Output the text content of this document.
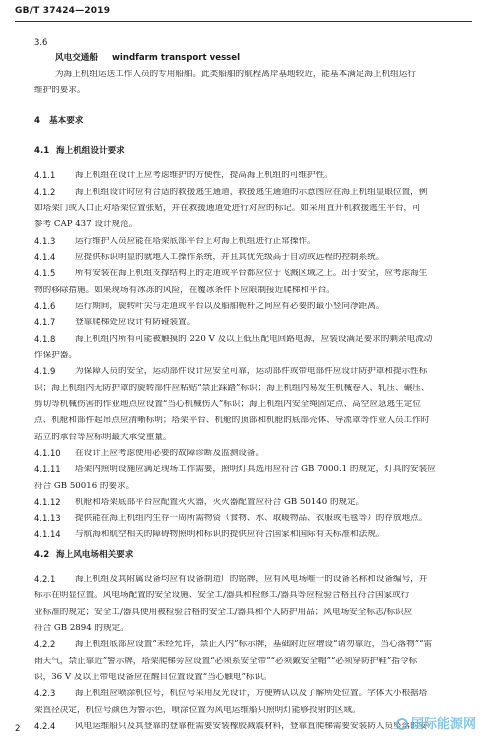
GB/T 37424—2019
3.6
风电交通船 windfarm transport vessel
为海上机组运送工作人员的专用船舶。此类船舶的航程离岸基地较近，能基本满足海上机组运行
维护的要求。
4 基本要求
4.1 海上机组设计要求
4.1.1 海上机组在设计上应考虑维护的方便性，提高海上机组的可维护性。
4.1.2 海上机组设计时应有合适的救援逃生通道，救援逃生通道的示意图应在海上机组显眼位置，例
如塔架门或人口正对塔架位置张贴，并在救援通道处进行对应的标记。如采用直升机救援逃生平台，可
参考 CAP 437 设计规范。
4.1.3 运行维护人员应能在塔架底部平台上对海上机组进行正常操作。
4.1.4 应提供标识明显的就地人工操作系统，并且其优先级高于自动或远程的控制系统。
4.1.5 所有安装在海上机组支撑结构上的走道或平台都应位于飞溅区域之上。出于安全，应考虑海生
物的移除措施。如果现场有冰冻的风险，在覆冰条件下应限制接近爬梯和平台。
4.1.6 运行期间，旋转叶尖与走道或平台以及船舶桅杆之间应有必要的最小竖向净距离。
4.1.7 登靠爬梯处应设计有防碰装置。
4.1.8 海上机组内所有可能被触摸的 220 V 及以上低压配电回路电源，应装设满足要求的剩余电流动
作保护器。
4.1.9 为保障人员的安全，运动部件设计应安全可靠，运动部件或带电部件应设计防护罩和提示性标
识；海上机组内无防护罩的旋转部件应粘贴“禁止踩踏”标识；海上机组内易发生机械卷入、轧压、碾压、
剪切等机械伤害的作业地点应设置“当心机械伤人”标识；海上机组内安全绳固定点、高空应急逃生定位
点、机舱和部件起吊点应清晰标明；塔架平台、机舱的顶部和机舱的底部壳体、导流罩等作业人员工作时
站立的承台等应标明最大承受重量。
4.1.10 在设计上应考虑使用必要的故障诊断及监测设备。
4.1.11 塔架内照明设施应满足现场工作需要，照明灯具选用应符合 GB 7000.1 的规定，灯具的安装应
符合 GB 50016 的要求。
4.1.12 机舱和塔架底部平台应配置灭火器，灭火器配置应符合 GB 50140 的规定。
4.1.13 提供能在海上机组内生存一周所需物资（食物、水、取暖物品、衣服或毛毯等）的存放地点。
4.1.14 与航海和航空相关的障碍物照明和标识的提供应符合国家和国际有关标准和法规。
4.2 海上风电场相关要求
4.2.1 海上机组及其附属设备均应有设备制造厂的铭牌，应有风电场唯一的设备名称和设备编号，并
标示在明显位置。风电场配置的安全设施、安全工/器具和检修工/器具等应检验合格且符合国家或行
业标准的规定；安全工/器具使用被检验合格的安全工/器具和个人防护用品；风电场安全标志/标识应
符合 GB 2894 的规定。
4.2.2 海上机组底部应设置“未经允许，禁止入内”标示牌，基础附近应增设“请勿靠近，当心落物”“雷
雨天气，禁止靠近”警示牌，塔架爬梯旁应设置“必须系安全带”“必须戴安全帽”“必须穿防护鞋”指令标
识，36 V 及以上带电设备应在醒目位置设置“当心触电”标识。
4.2.3 海上机组应喷涂机位号，机位号采用反光设计，方便辨认以及了解所处位置。字体大小根据塔
架直径决定，机位号颜色为警示色，喷涂位置为风电运维船只照明灯能够投射的区域。
4.2.4 风电运维船只及其登靠的登靠桩需要安装橡胶减震材料，登靠直爬梯需要安装防人员坠落的安
2	国际能源网
